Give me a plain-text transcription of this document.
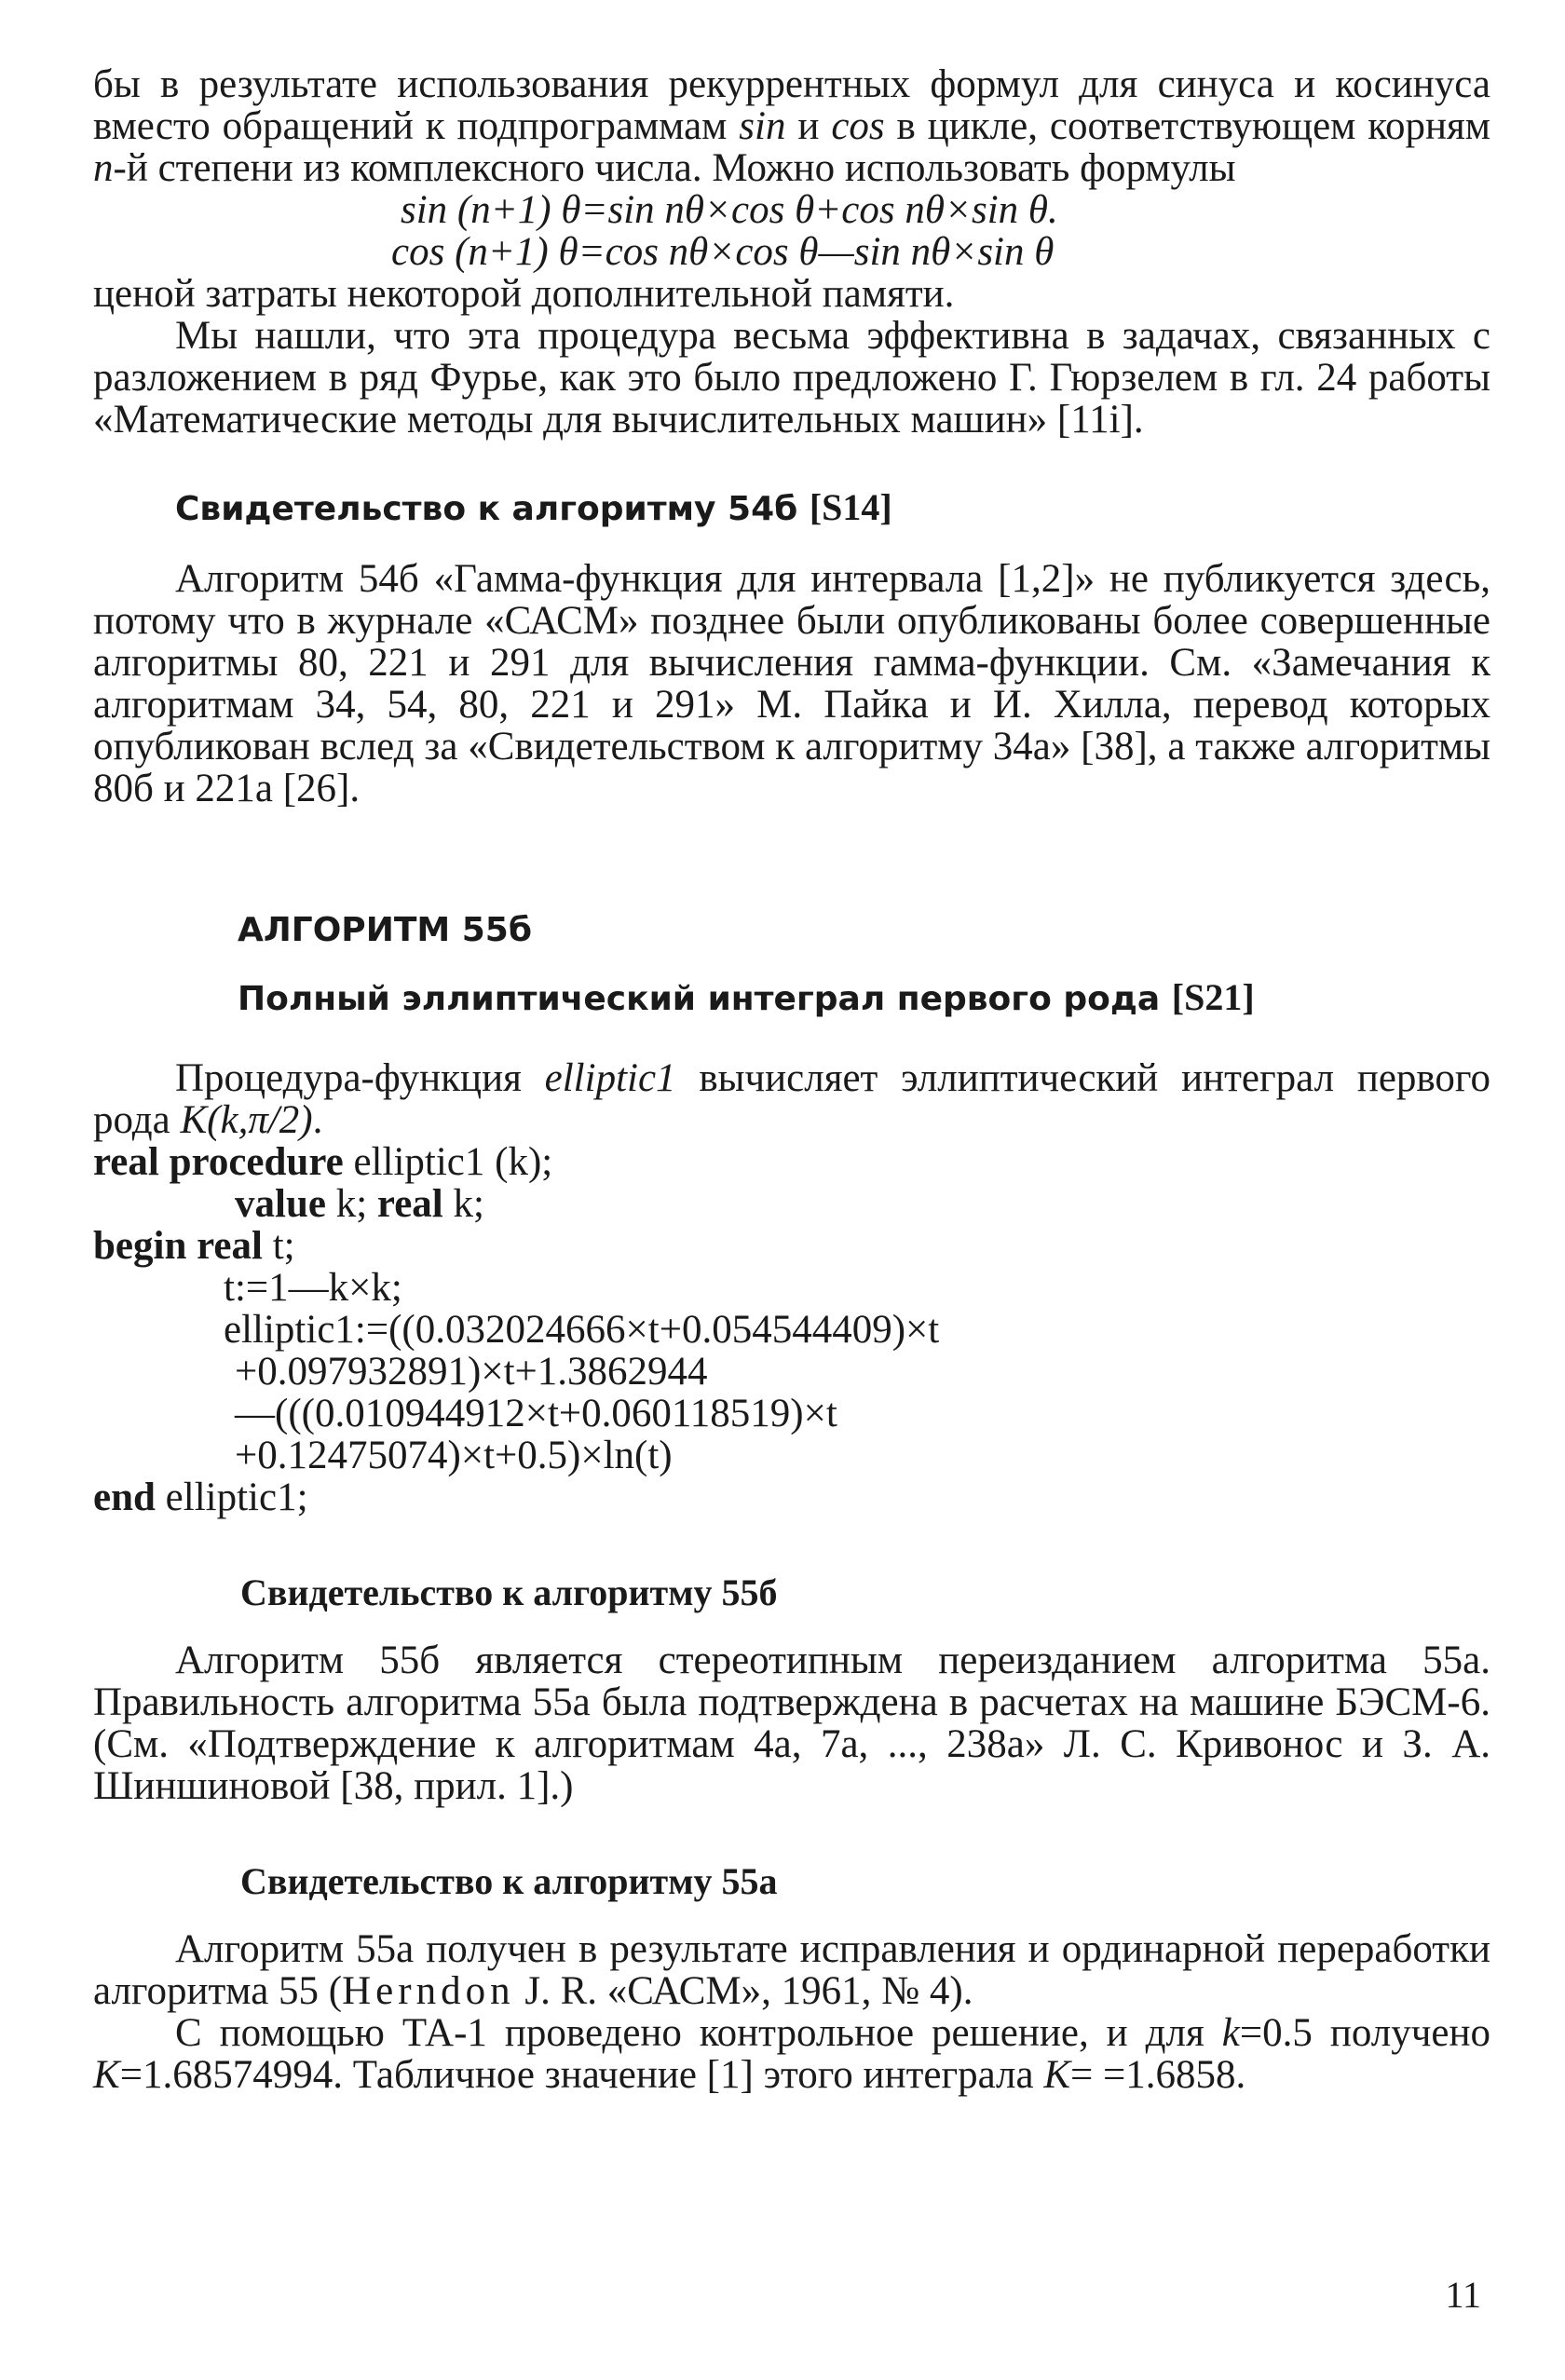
бы в результате использования рекуррентных формул для синуса и косинуса вместо обращений к подпрограммам sin и cos в цикле, соответствующем корням n-й степени из комплексного числа. Можно использовать формулы

sin (n+1) θ=sin nθ×cos θ+cos nθ×sin θ.
cos (n+1) θ=cos nθ×cos θ—sin nθ×sin θ

ценой затраты некоторой дополнительной памяти.

Мы нашли, что эта процедура весьма эффективна в задачах, связанных с разложением в ряд Фурье, как это было предложено Г. Гюрзелем в гл. 24 работы «Математические методы для вычислительных машин» [11i].

Свидетельство к алгоритму 54б [S14]

Алгоритм 54б «Гамма-функция для интервала [1,2]» не публикуется здесь, потому что в журнале «САСМ» позднее были опубликованы более совершенные алгоритмы 80, 221 и 291 для вычисления гамма-функции. См. «Замечания к алгоритмам 34, 54, 80, 221 и 291» М. Пайка и И. Хилла, перевод которых опубликован вслед за «Свидетельством к алгоритму 34а» [38], а также алгоритмы 80б и 221а [26].

АЛГОРИТМ 55б
Полный эллиптический интеграл первого рода [S21]

Процедура-функция elliptic1 вычисляет эллиптический интеграл первого рода K(k,π/2).

real procedure elliptic1 (k);
value k; real k;
begin real t;
t:=1—k×k;
elliptic1:=((0.032024666×t+0.054544409)×t
+0.097932891)×t+1.3862944
—(((0.010944912×t+0.060118519)×t
+0.12475074)×t+0.5)×ln(t)
end elliptic1;
Свидетельство к алгоритму 55б

Алгоритм 55б является стереотипным переизданием алгоритма 55а. Правильность алгоритма 55а была подтверждена в расчетах на машине БЭСМ-6. (См. «Подтверждение к алгоритмам 4а, 7а, ..., 238а» Л. С. Кривонос и З. А. Шиншиновой [38, прил. 1].)

Свидетельство к алгоритму 55а

Алгоритм 55а получен в результате исправления и ординарной переработки алгоритма 55 (Herndon J. R. «САСМ», 1961, № 4).

С помощью ТА-1 проведено контрольное решение, и для k=0.5 получено K=1.68574994. Табличное значение [1] этого интеграла K= =1.6858.

11
